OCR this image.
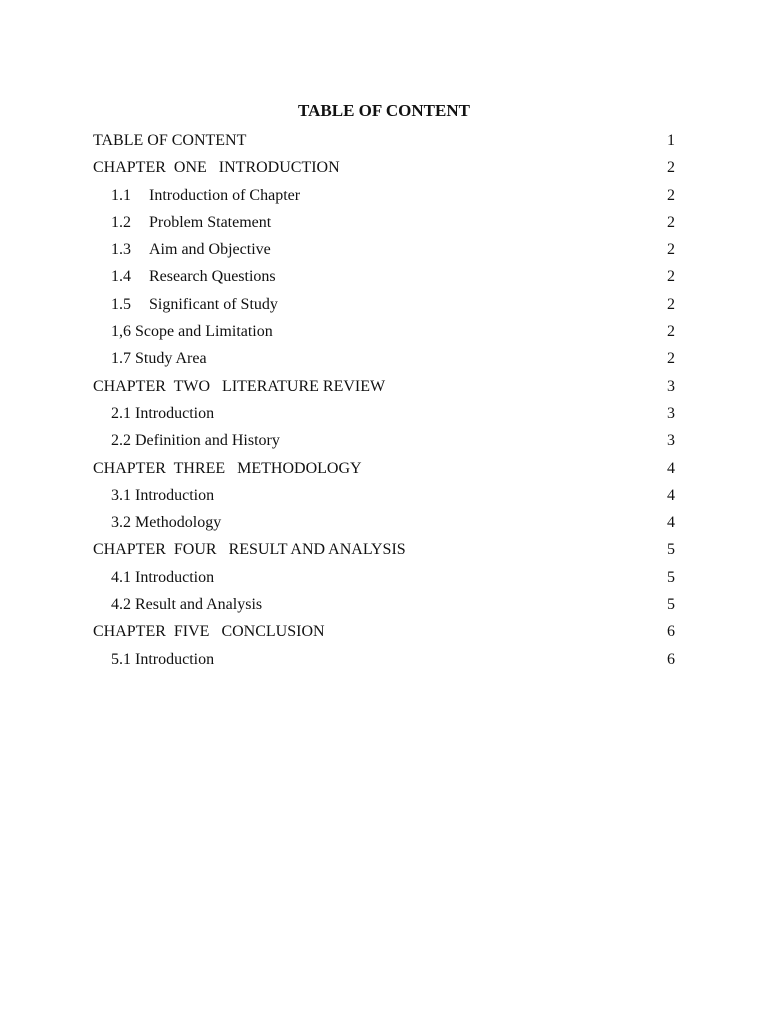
TABLE OF CONTENT
TABLE OF CONTENT	1
CHAPTER  ONE   INTRODUCTION	2
1.1 Introduction of Chapter	2
1.2 Problem Statement	2
1.3 Aim and Objective	2
1.4 Research Questions	2
1.5 Significant of Study	2
1,6 Scope and Limitation	2
1.7 Study Area	2
CHAPTER  TWO   LITERATURE REVIEW	3
2.1 Introduction	3
2.2 Definition and History	3
CHAPTER  THREE   METHODOLOGY	4
3.1 Introduction	4
3.2 Methodology	4
CHAPTER  FOUR   RESULT AND ANALYSIS	5
4.1 Introduction	5
4.2 Result and Analysis	5
CHAPTER  FIVE   CONCLUSION	6
5.1 Introduction	6
